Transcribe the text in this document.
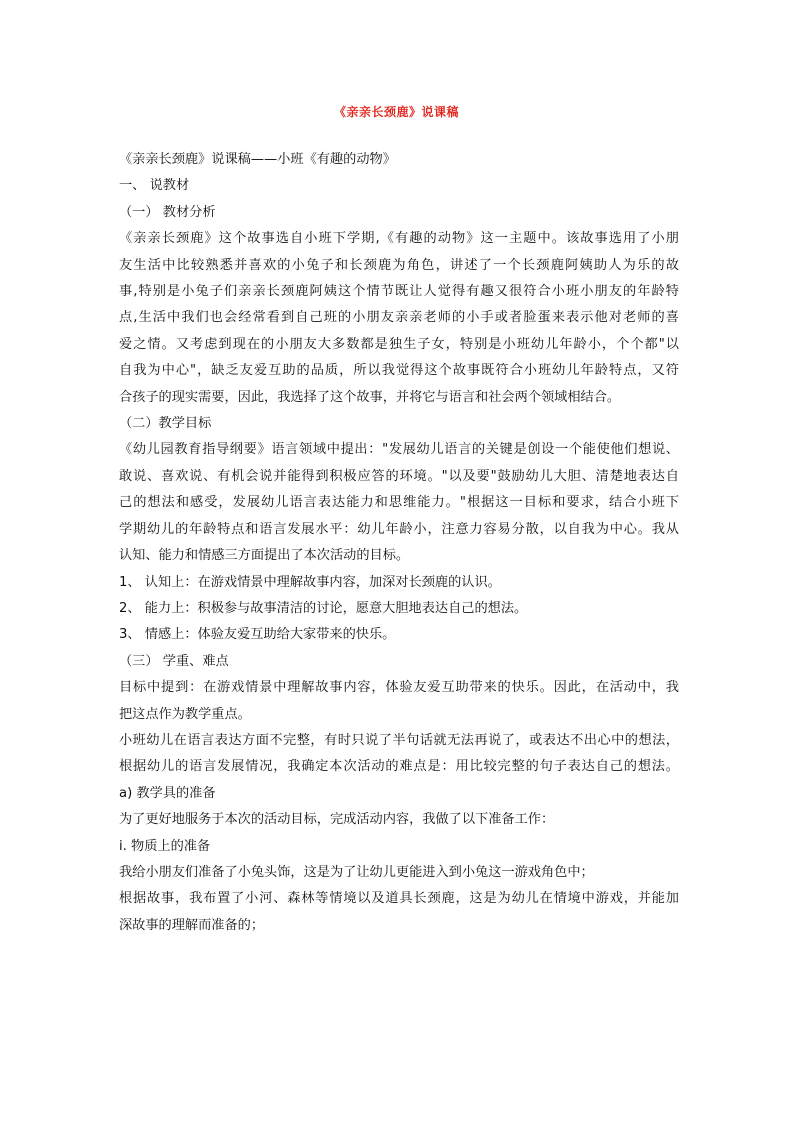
《亲亲长颈鹿》说课稿
《亲亲长颈鹿》说课稿——小班《有趣的动物》
一、 说教材
（一） 教材分析
《亲亲长颈鹿》这个故事选自小班下学期,《有趣的动物》这一主题中。该故事选用了小朋
友生活中比较熟悉并喜欢的小兔子和长颈鹿为角色，讲述了一个长颈鹿阿姨助人为乐的故
事,特别是小兔子们亲亲长颈鹿阿姨这个情节既让人觉得有趣又很符合小班小朋友的年龄特
点,生活中我们也会经常看到自己班的小朋友亲亲老师的小手或者脸蛋来表示他对老师的喜
爱之情。又考虑到现在的小朋友大多数都是独生子女，特别是小班幼儿年龄小，个个都"以
自我为中心"，缺乏友爱互助的品质，所以我觉得这个故事既符合小班幼儿年龄特点，又符
合孩子的现实需要，因此，我选择了这个故事，并将它与语言和社会两个领域相结合。
（二）教学目标
《幼儿园教育指导纲要》语言领域中提出："发展幼儿语言的关键是创设一个能使他们想说、
敢说、喜欢说、有机会说并能得到积极应答的环境。"以及要"鼓励幼儿大胆、清楚地表达自
己的想法和感受，发展幼儿语言表达能力和思维能力。"根据这一目标和要求，结合小班下
学期幼儿的年龄特点和语言发展水平：幼儿年龄小，注意力容易分散，以自我为中心。我从
认知、能力和情感三方面提出了本次活动的目标。
1、 认知上：在游戏情景中理解故事内容，加深对长颈鹿的认识。
2、 能力上：积极参与故事清洁的讨论，愿意大胆地表达自己的想法。
3、 情感上：体验友爱互助给大家带来的快乐。
（三） 学重、难点
目标中提到：在游戏情景中理解故事内容，体验友爱互助带来的快乐。因此，在活动中，我
把这点作为教学重点。
小班幼儿在语言表达方面不完整，有时只说了半句话就无法再说了，或表达不出心中的想法，
根据幼儿的语言发展情况，我确定本次活动的难点是：用比较完整的句子表达自己的想法。
a) 教学具的准备
为了更好地服务于本次的活动目标，完成活动内容，我做了以下准备工作：
i. 物质上的准备
我给小朋友们准备了小兔头饰，这是为了让幼儿更能进入到小兔这一游戏角色中；
根据故事，我布置了小河、森林等情境以及道具长颈鹿，这是为幼儿在情境中游戏，并能加
深故事的理解而准备的；
